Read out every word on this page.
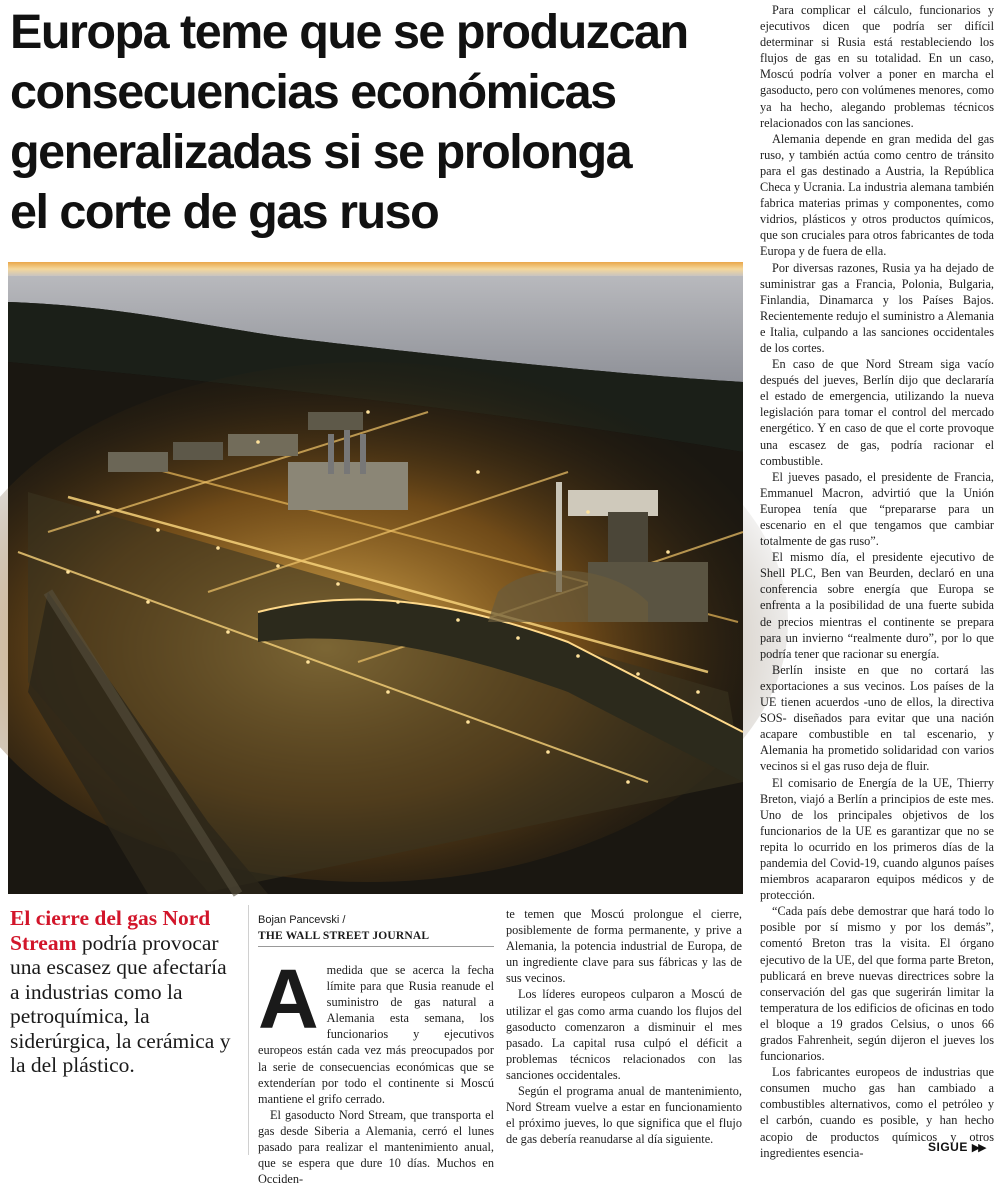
Europa teme que se produzcan
consecuencias económicas
generalizadas si se prolonga
el corte de gas ruso
El cierre del gas Nord Stream podría provocar una escasez que afectaría a industrias como la petroquímica, la siderúrgica, la cerámica y la del plástico.
Bojan Pancevski /
THE WALL STREET JOURNAL

Amedida que se acerca la fecha límite para que Rusia reanude el suministro de gas natural a Alemania esta semana, los funcionarios y ejecutivos europeos están cada vez más preocupados por la serie de consecuencias económicas que se extenderían por todo el continente si Moscú mantiene el grifo cerrado.

El gasoducto Nord Stream, que transporta el gas desde Siberia a Alemania, cerró el lunes pasado para realizar el mantenimiento anual, que se espera que dure 10 días. Muchos en Occiden-

te temen que Moscú prolongue el cierre, posiblemente de forma permanente, y prive a Alemania, la potencia industrial de Europa, de un ingrediente clave para sus fábricas y las de sus vecinos.

Los líderes europeos culparon a Moscú de utilizar el gas como arma cuando los flujos del gasoducto comenzaron a disminuir el mes pasado. La capital rusa culpó el déficit a problemas técnicos relacionados con las sanciones occidentales.

Según el programa anual de mantenimiento, Nord Stream vuelve a estar en funcionamiento el próximo jueves, lo que significa que el flujo de gas debería reanudarse al día siguiente.

Para complicar el cálculo, funcionarios y ejecutivos dicen que podría ser difícil determinar si Rusia está restableciendo los flujos de gas en su totalidad. En un caso, Moscú podría volver a poner en marcha el gasoducto, pero con volúmenes menores, como ya ha hecho, alegando problemas técnicos relacionados con las sanciones.

Alemania depende en gran medida del gas ruso, y también actúa como centro de tránsito para el gas destinado a Austria, la República Checa y Ucrania. La industria alemana también fabrica materias primas y componentes, como vidrios, plásticos y otros productos químicos, que son cruciales para otros fabricantes de toda Europa y de fuera de ella.

Por diversas razones, Rusia ya ha dejado de suministrar gas a Francia, Polonia, Bulgaria, Finlandia, Dinamarca y los Países Bajos. Recientemente redujo el suministro a Alemania e Italia, culpando a las sanciones occidentales de los cortes.

En caso de que Nord Stream siga vacío después del jueves, Berlín dijo que declararía el estado de emergencia, utilizando la nueva legislación para tomar el control del mercado energético. Y en caso de que el corte provoque una escasez de gas, podría racionar el combustible.

El jueves pasado, el presidente de Francia, Emmanuel Macron, advirtió que la Unión Europea tenía que “prepararse para un escenario en el que tengamos que cambiar totalmente de gas ruso”.

El mismo día, el presidente ejecutivo de Shell PLC, Ben van Beurden, declaró en una conferencia sobre energía que Europa se enfrenta a la posibilidad de una fuerte subida de precios mientras el continente se prepara para un invierno “realmente duro”, por lo que podría tener que racionar su energía.

Berlín insiste en que no cortará las exportaciones a sus vecinos. Los países de la UE tienen acuerdos -uno de ellos, la directiva SOS- diseñados para evitar que una nación acapare combustible en tal escenario, y Alemania ha prometido solidaridad con varios vecinos si el gas ruso deja de fluir.

El comisario de Energía de la UE, Thierry Breton, viajó a Berlín a principios de este mes. Uno de los principales objetivos de los funcionarios de la UE es garantizar que no se repita lo ocurrido en los primeros días de la pandemia del Covid-19, cuando algunos países miembros acapararon equipos médicos y de protección.

“Cada país debe demostrar que hará todo lo posible por sí mismo y por los demás”, comentó Breton tras la visita. El órgano ejecutivo de la UE, del que forma parte Breton, publicará en breve nuevas directrices sobre la conservación del gas que sugerirán limitar la temperatura de los edificios de oficinas en todo el bloque a 19 grados Celsius, o unos 66 grados Fahrenheit, según dijeron el jueves los funcionarios.

Los fabricantes europeos de industrias que consumen mucho gas han cambiado a combustibles alternativos, como el petróleo y el carbón, cuando es posible, y han hecho acopio de productos químicos y otros ingredientes esencia-	SIGUE ▶▶
